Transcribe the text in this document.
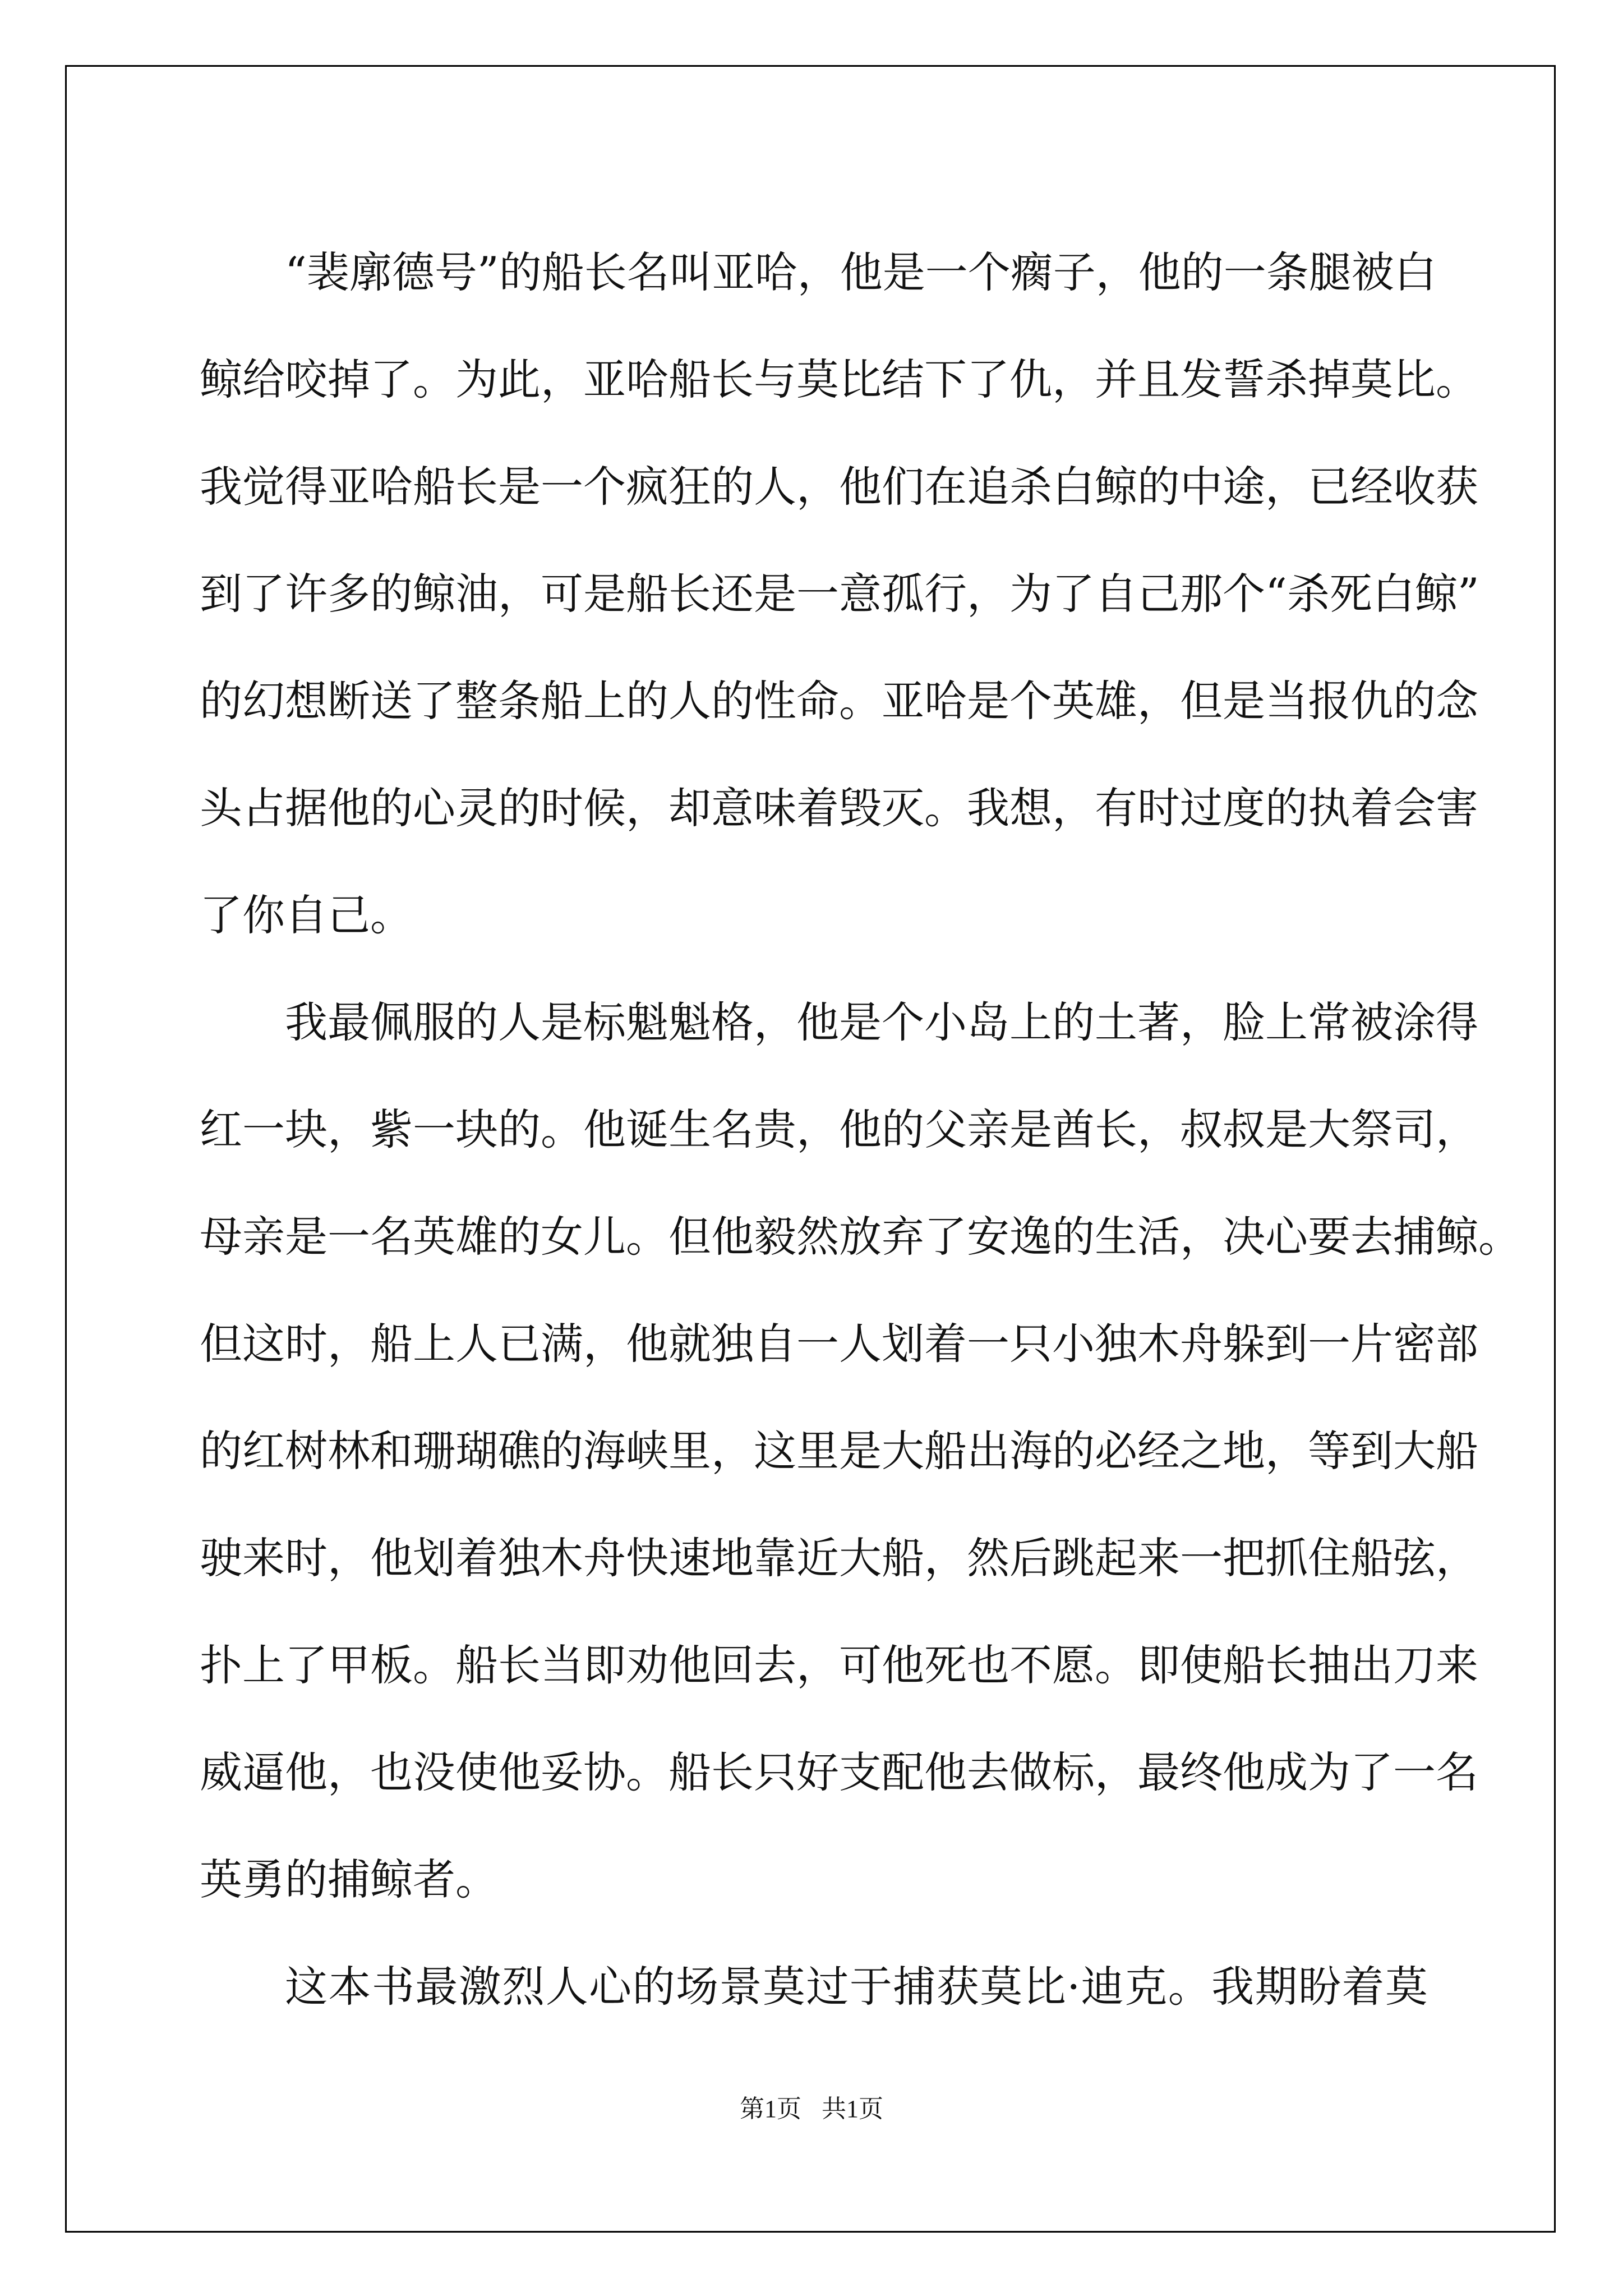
“裴廓德号”的船长名叫亚哈，他是一个瘸子，他的一条腿被白
鲸给咬掉了。为此，亚哈船长与莫比结下了仇，并且发誓杀掉莫比。
我觉得亚哈船长是一个疯狂的人，他们在追杀白鲸的中途，已经收获
到了许多的鲸油，可是船长还是一意孤行，为了自己那个“杀死白鲸”
的幻想断送了整条船上的人的性命。亚哈是个英雄，但是当报仇的念
头占据他的心灵的时候，却意味着毁灭。我想，有时过度的执着会害
了你自己。
我最佩服的人是标魁魁格，他是个小岛上的土著，脸上常被涂得
红一块，紫一块的。他诞生名贵，他的父亲是酋长，叔叔是大祭司，
母亲是一名英雄的女儿。但他毅然放弃了安逸的生活，决心要去捕鲸。
但这时，船上人已满，他就独自一人划着一只小独木舟躲到一片密部
的红树林和珊瑚礁的海峡里，这里是大船出海的必经之地，等到大船
驶来时，他划着独木舟快速地靠近大船，然后跳起来一把抓住船弦，
扑上了甲板。船长当即劝他回去，可他死也不愿。即使船长抽出刀来
威逼他，也没使他妥协。船长只好支配他去做标，最终他成为了一名
英勇的捕鲸者。
这本书最激烈人心的场景莫过于捕获莫比·迪克。我期盼着莫
第1页 共1页
